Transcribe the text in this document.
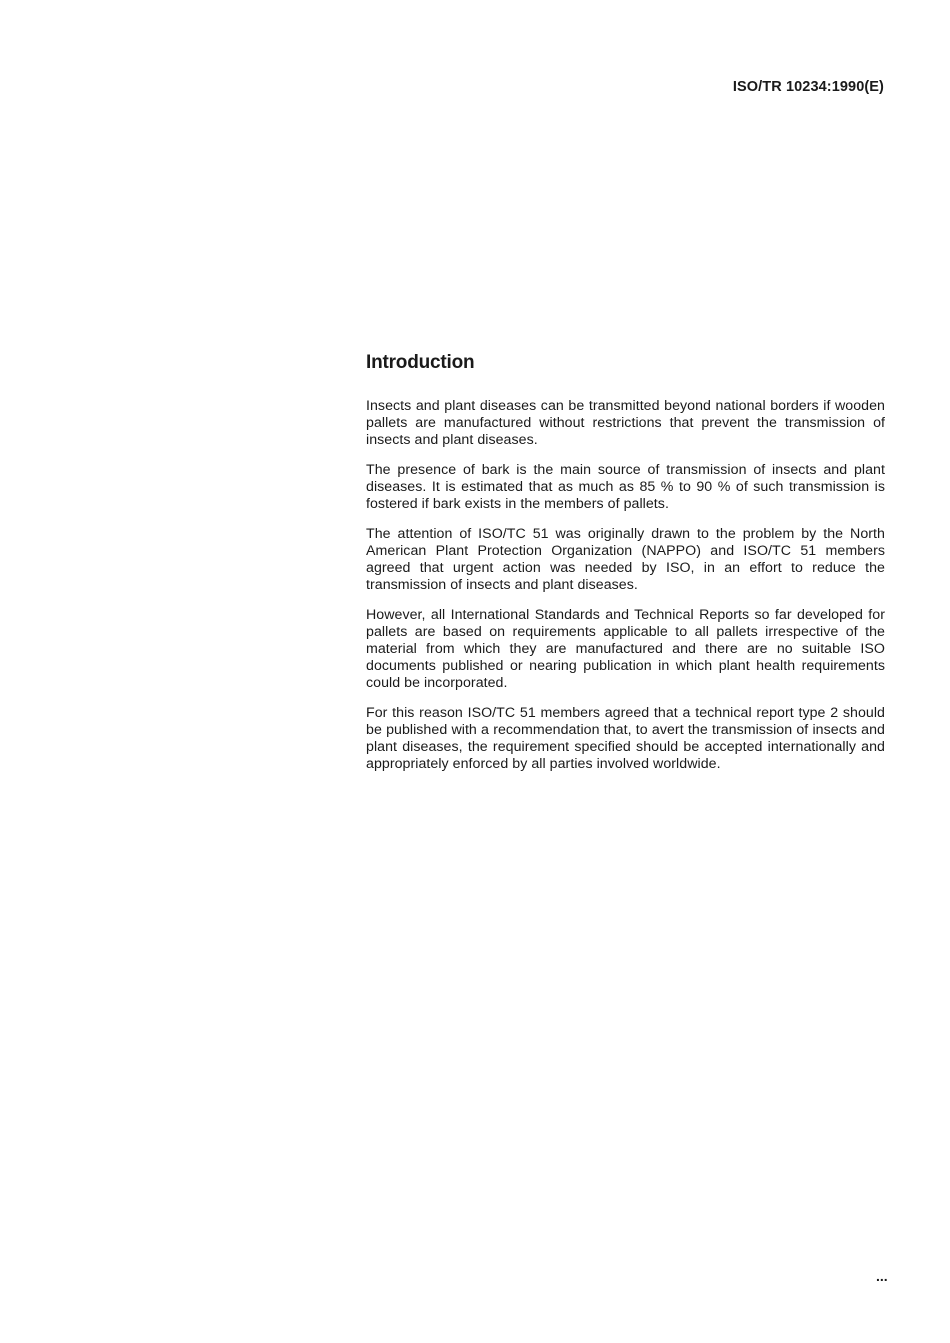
ISO/TR 10234:1990(E)
Introduction

Insects and plant diseases can be transmitted beyond national borders if wooden pallets are manufactured without restrictions that prevent the transmission of insects and plant diseases.

The presence of bark is the main source of transmission of insects and plant diseases. It is estimated that as much as 85 % to 90 % of such transmission is fostered if bark exists in the members of pallets.

The attention of ISO/TC 51 was originally drawn to the problem by the North American Plant Protection Organization (NAPPO) and ISO/TC 51 members agreed that urgent action was needed by ISO, in an effort to reduce the transmission of insects and plant diseases.

However, all International Standards and Technical Reports so far developed for pallets are based on requirements applicable to all pallets irrespective of the material from which they are manufactured and there are no suitable ISO documents published or nearing publication in which plant health requirements could be incorporated.

For this reason ISO/TC 51 members agreed that a technical report type 2 should be published with a recommendation that, to avert the transmission of insects and plant diseases, the requirement specified should be accepted internationally and appropriately enforced by all parties involved worldwide.

...
